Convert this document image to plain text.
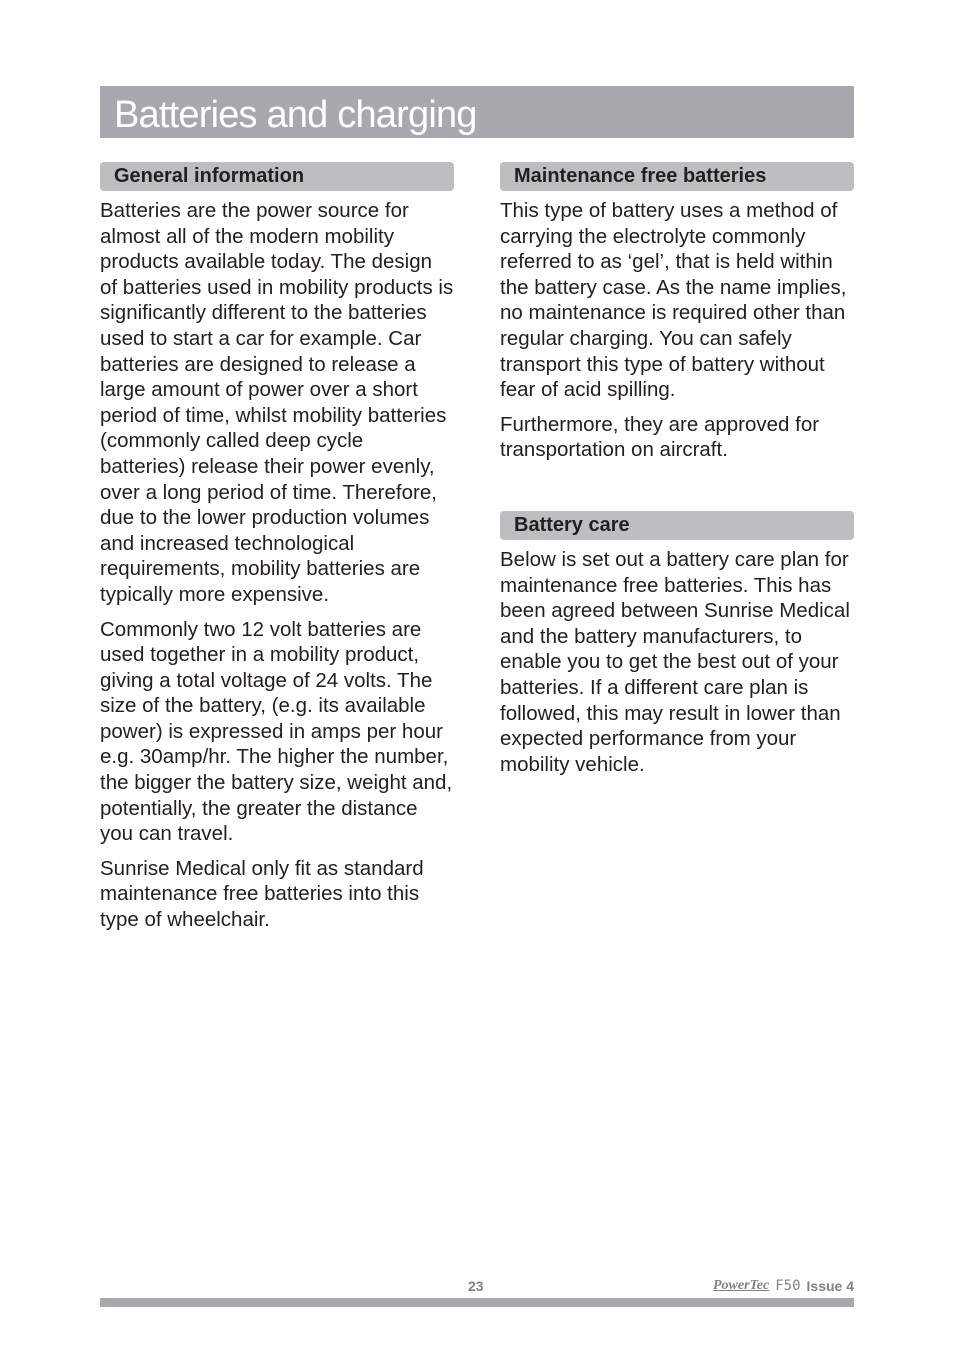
Batteries and charging
General information

Batteries are the power source for almost all of the modern mobility products available today. The design of batteries used in mobility products is significantly different to the batteries used to start a car for example. Car batteries are designed to release a large amount of power over a short period of time, whilst mobility batteries (commonly called deep cycle batteries) release their power evenly, over a long period of time. Therefore, due to the lower production volumes and increased technological requirements, mobility batteries are typically more expensive.

Commonly two 12 volt batteries are used together in a mobility product, giving a total voltage of 24 volts. The size of the battery, (e.g. its available power) is expressed in amps per hour e.g. 30amp/hr. The higher the number, the bigger the battery size, weight and, potentially, the greater the distance you can travel.

Sunrise Medical only fit as standard maintenance free batteries into this type of wheelchair.

Maintenance free batteries

This type of battery uses a method of carrying the electrolyte commonly referred to as ‘gel’, that is held within the battery case. As the name implies, no maintenance is required other than regular charging. You can safely transport this type of battery without fear of acid spilling.

Furthermore, they are approved for transportation on aircraft.

Battery care

Below is set out a battery care plan for maintenance free batteries. This has been agreed between Sunrise Medical and the battery manufacturers, to enable you to get the best out of your batteries. If a different care plan is followed, this may result in lower than expected performance from your mobility vehicle.

23	PowerTec F50 Issue 4
